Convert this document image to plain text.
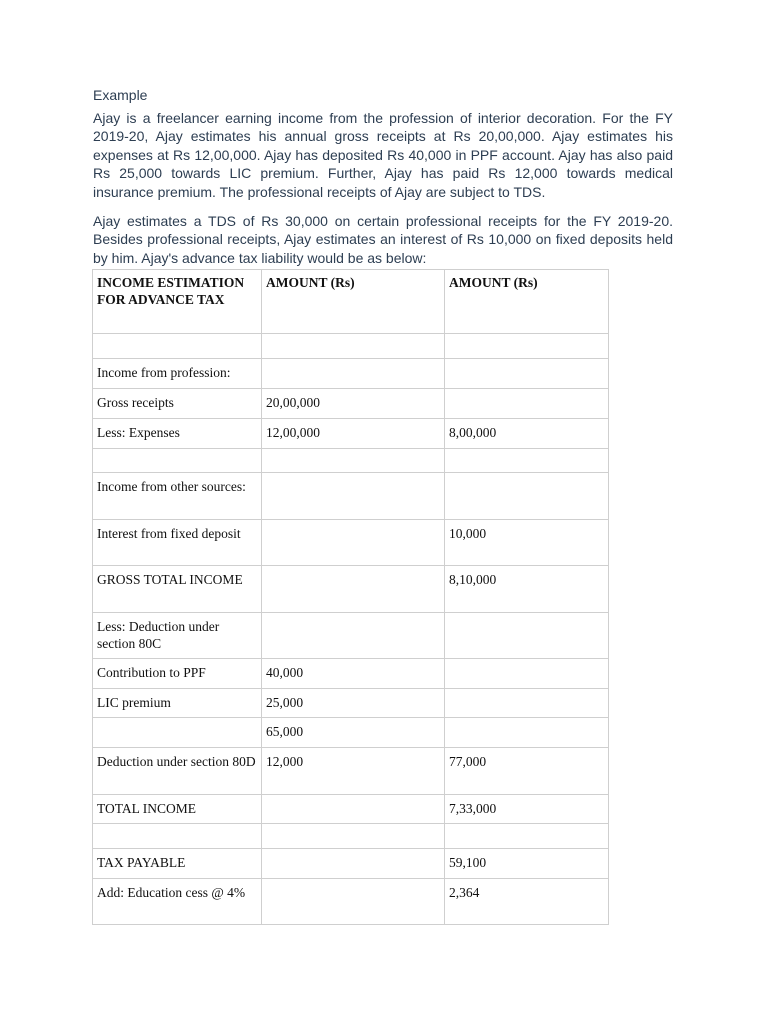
Example

Ajay is a freelancer earning income from the profession of interior decoration. For the FY 2019-20, Ajay estimates his annual gross receipts at Rs 20,00,000. Ajay estimates his expenses at Rs 12,00,000. Ajay has deposited Rs 40,000 in PPF account. Ajay has also paid Rs 25,000 towards LIC premium. Further, Ajay has paid Rs 12,000 towards medical insurance premium. The professional receipts of Ajay are subject to TDS.

Ajay estimates a TDS of Rs 30,000 on certain professional receipts for the FY 2019-20. Besides professional receipts, Ajay estimates an interest of Rs 10,000 on fixed deposits held by him. Ajay's advance tax liability would be as below:

INCOME ESTIMATION FOR ADVANCE TAX	AMOUNT (Rs)	AMOUNT (Rs)

Income from profession:		
Gross receipts	20,00,000	
Less: Expenses	12,00,000	8,00,000

Income from other sources:		
Interest from fixed deposit		10,000
GROSS TOTAL INCOME		8,10,000
Less: Deduction under section 80C		
Contribution to PPF	40,000	
LIC premium	25,000	
	65,000	
Deduction under section 80D	12,000	77,000
TOTAL INCOME		7,33,000

TAX PAYABLE		59,100
Add: Education cess @ 4%		2,364
